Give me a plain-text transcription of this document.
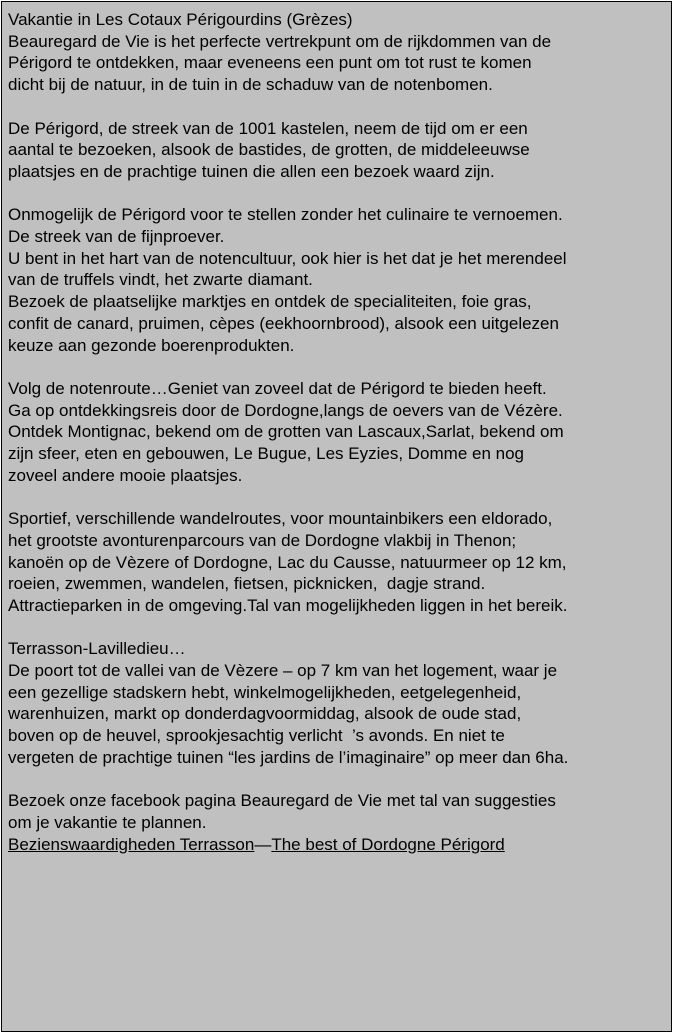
Vakantie in Les Cotaux Périgourdins (Grèzes)
Beauregard de Vie is het perfecte vertrekpunt om de rijkdommen van de
Périgord te ontdekken, maar eveneens een punt om tot rust te komen
dicht bij de natuur, in de tuin in de schaduw van de notenbomen.
De Périgord, de streek van de 1001 kastelen, neem de tijd om er een
aantal te bezoeken, alsook de bastides, de grotten, de middeleeuwse
plaatsjes en de prachtige tuinen die allen een bezoek waard zijn.
Onmogelijk de Périgord voor te stellen zonder het culinaire te vernoemen.
De streek van de fijnproever.
U bent in het hart van de notencultuur, ook hier is het dat je het merendeel
van de truffels vindt, het zwarte diamant.
Bezoek de plaatselijke marktjes en ontdek de specialiteiten, foie gras,
confit de canard, pruimen, cèpes (eekhoornbrood), alsook een uitgelezen
keuze aan gezonde boerenprodukten.
Volg de notenroute…Geniet van zoveel dat de Périgord te bieden heeft.
Ga op ontdekkingsreis door de Dordogne,langs de oevers van de Vézère.
Ontdek Montignac, bekend om de grotten van Lascaux,Sarlat, bekend om
zijn sfeer, eten en gebouwen, Le Bugue, Les Eyzies, Domme en nog
zoveel andere mooie plaatsjes.
Sportief, verschillende wandelroutes, voor mountainbikers een eldorado,
het grootste avonturenparcours van de Dordogne vlakbij in Thenon;
kanoën op de Vèzere of Dordogne, Lac du Causse, natuurmeer op 12 km,
roeien, zwemmen, wandelen, fietsen, picknicken,  dagje strand.
Attractieparken in de omgeving.Tal van mogelijkheden liggen in het bereik.
Terrasson-Lavilledieu…
De poort tot de vallei van de Vèzere – op 7 km van het logement, waar je
een gezellige stadskern hebt, winkelmogelijkheden, eetgelegenheid,
warenhuizen, markt op donderdagvoormiddag, alsook de oude stad,
boven op de heuvel, sprookjesachtig verlicht  ’s avonds. En niet te
vergeten de prachtige tuinen “les jardins de l’imaginaire” op meer dan 6ha.
Bezoek onze facebook pagina Beauregard de Vie met tal van suggesties
om je vakantie te plannen.
Bezienswaardigheden Terrasson—The best of Dordogne Périgord
